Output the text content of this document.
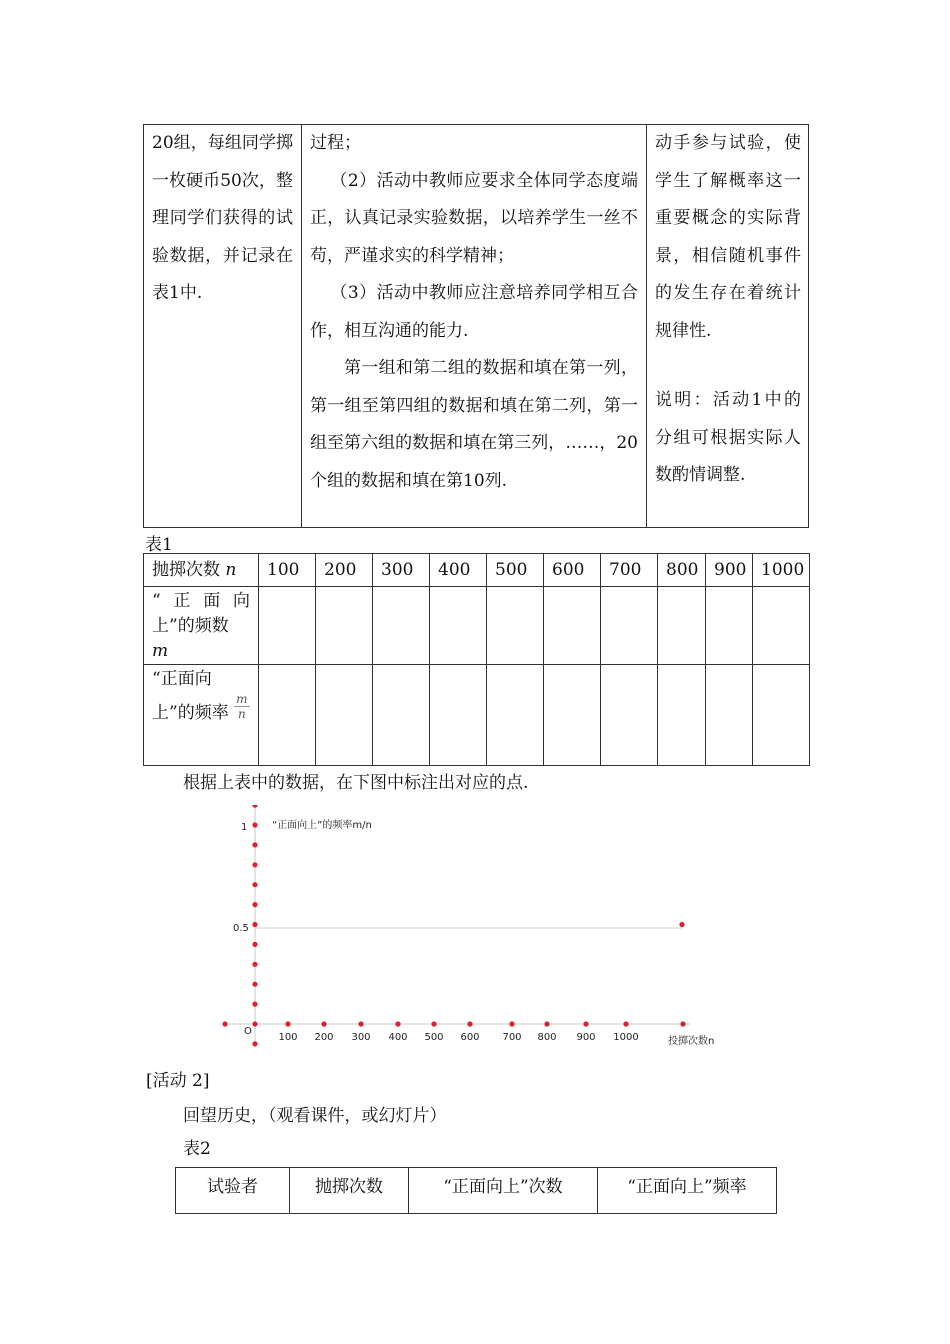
20组，每组同学掷一枚硬币50次，整理同学们获得的试验数据，并记录在表1中.

过程；

（2）活动中教师应要求全体同学态度端正，认真记录实验数据，以培养学生一丝不苟，严谨求实的科学精神；

（3）活动中教师应注意培养同学相互合作，相互沟通的能力.

第一组和第二组的数据和填在第一列，第一组至第四组的数据和填在第二列，第一组至第六组的数据和填在第三列，……，20个组的数据和填在第10列.

动手参与试验，使学生了解概率这一重要概念的实际背景，相信随机事件的发生存在着统计规律性.

说明：活动1中的分组可根据实际人数酌情调整.

表1
抛掷次数 n	100	200	300	400	500	600	700	800	900	1000

“正面向上”的频数
m										

“正面向上”的频率 $\frac{m}{n}$

根据上表中的数据，在下图中标注出对应的点.
“正面向上”的频率m/n
投掷次数n
O
1
0.5
100 200 300 400 500 600 700 800 900 1000
[活动 2]
回望历史，（观看课件，或幻灯片）
表2
试验者	抛掷次数	“正面向上”次数	“正面向上”频率
